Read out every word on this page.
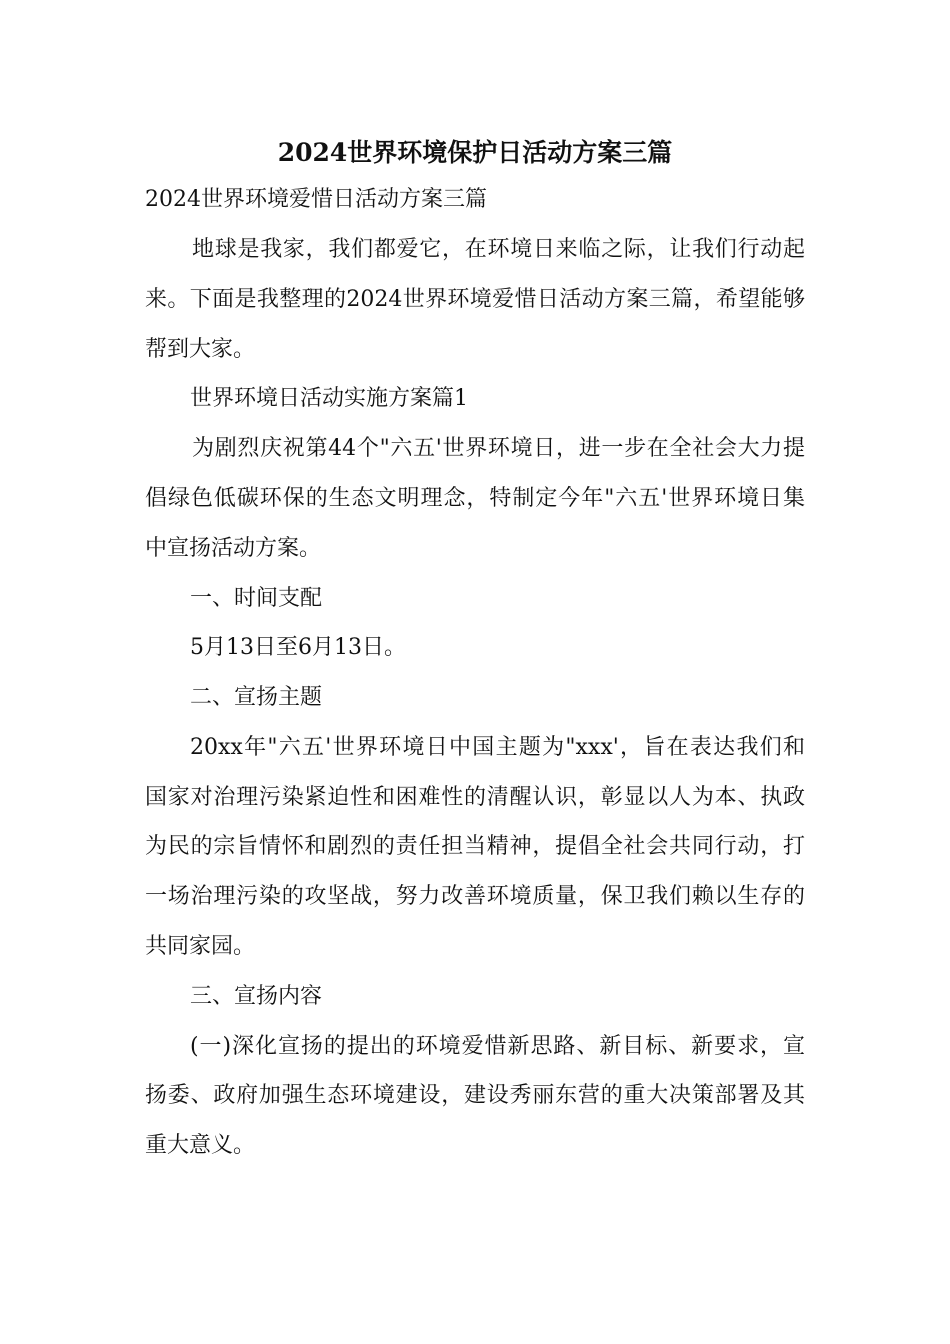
2024世界环境保护日活动方案三篇
2024世界环境爱惜日活动方案三篇
地球是我家，我们都爱它，在环境日来临之际，让我们行动起
来。下面是我整理的2024世界环境爱惜日活动方案三篇，希望能够
帮到大家。
世界环境日活动实施方案篇1
为剧烈庆祝第44个"六五'世界环境日，进一步在全社会大力提
倡绿色低碳环保的生态文明理念，特制定今年"六五'世界环境日集
中宣扬活动方案。
一、时间支配
5月13日至6月13日。
二、宣扬主题
20xx年"六五'世界环境日中国主题为"xxx'，旨在表达我们和
国家对治理污染紧迫性和困难性的清醒认识，彰显以人为本、执政
为民的宗旨情怀和剧烈的责任担当精神，提倡全社会共同行动，打
一场治理污染的攻坚战，努力改善环境质量，保卫我们赖以生存的
共同家园。
三、宣扬内容
(一)深化宣扬的提出的环境爱惜新思路、新目标、新要求，宣
扬委、政府加强生态环境建设，建设秀丽东营的重大决策部署及其
重大意义。
